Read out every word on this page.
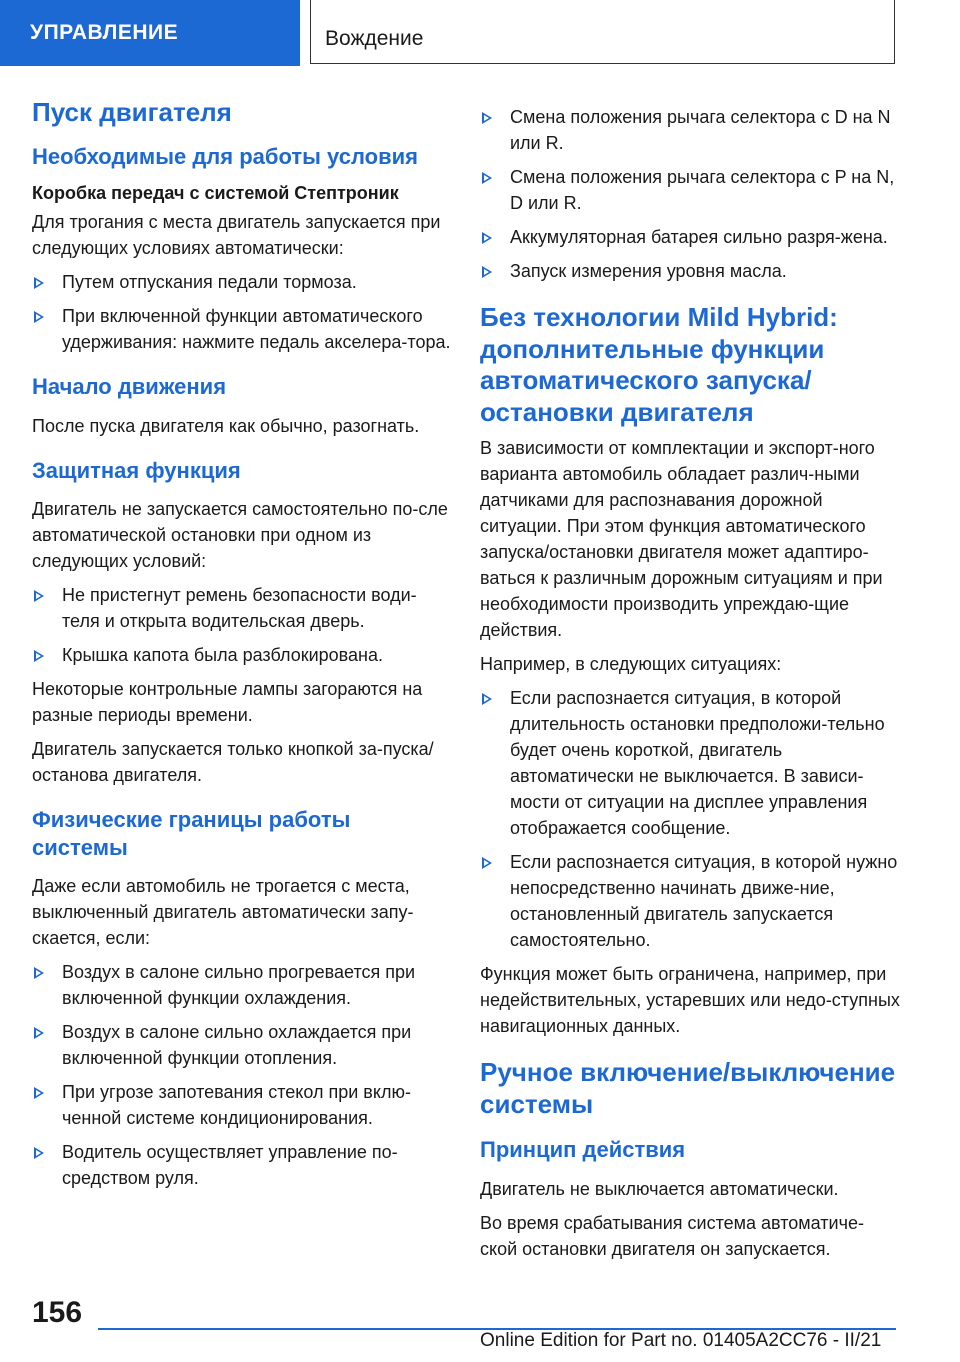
УПРАВЛЕНИЕ	Вождение
Пуск двигателя
Необходимые для работы условия
Коробка передач с системой Стептроник

Для трогания с места двигатель запускается при следующих условиях автоматически:

Путем отпускания педали тормоза.
При включенной функции автоматического удерживания: нажмите педаль акселера-тора.
Начало движения

После пуска двигателя как обычно, разогнать.

Защитная функция

Двигатель не запускается самостоятельно по-сле автоматической остановки при одном из следующих условий:

Не пристегнут ремень безопасности води-теля и открыта водительская дверь.
Крышка капота была разблокирована.

Некоторые контрольные лампы загораются на разные периоды времени.

Двигатель запускается только кнопкой за-пуска/останова двигателя.

Физические границы работы системы

Даже если автомобиль не трогается с места, выключенный двигатель автоматически запу-скается, если:

Воздух в салоне сильно прогревается при включенной функции охлаждения.
Воздух в салоне сильно охлаждается при включенной функции отопления.
При угрозе запотевания стекол при вклю-ченной системе кондиционирования.
Водитель осуществляет управление по-средством руля.
Смена положения рычага селектора с D на N или R.
Смена положения рычага селектора с P на N, D или R.
Аккумуляторная батарея сильно разря-жена.
Запуск измерения уровня масла.
Без технологии Mild Hybrid: дополнительные функции автоматического запуска/ остановки двигателя

В зависимости от комплектации и экспорт-ного варианта автомобиль обладает различ-ными датчиками для распознавания дорожной ситуации. При этом функция автоматического запуска/остановки двигателя может адаптиро-ваться к различным дорожным ситуациям и при необходимости производить упреждаю-щие действия.

Например, в следующих ситуациях:

Если распознается ситуация, в которой длительность остановки предположи-тельно будет очень короткой, двигатель автоматически не выключается. В зависи-мости от ситуации на дисплее управления отображается сообщение.
Если распознается ситуация, в которой нужно непосредственно начинать движе-ние, остановленный двигатель запускается самостоятельно.

Функция может быть ограничена, например, при недействительных, устаревших или недо-ступных навигационных данных.

Ручное включение/выключение системы
Принцип действия

Двигатель не выключается автоматически.

Во время срабатывания система автоматиче-ской остановки двигателя он запускается.

156
Online Edition for Part no. 01405A2CC76 - II/21
